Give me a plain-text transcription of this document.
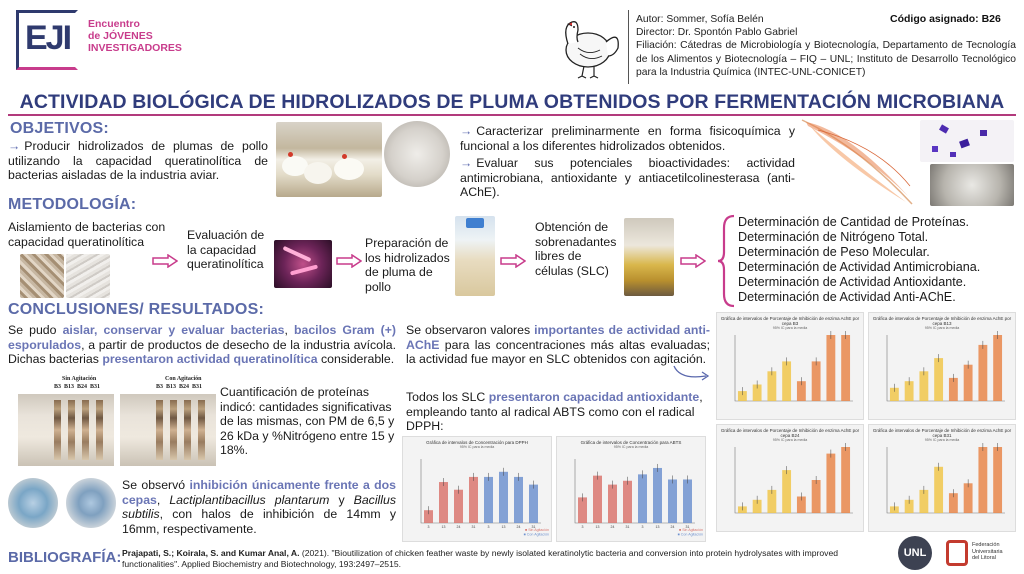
EJI Encuentro
de JÓVENES
INVESTIGADORES
Autor: Sommer, Sofía Belén
Director: Dr. Spontón Pablo Gabriel
Filiación: Cátedras de Microbiología y Biotecnología, Departamento de Tecnología de los Alimentos y Biotecnología – FIQ – UNL; Instituto de Desarrollo Tecnológico para la Industria Química (INTEC-UNL-CONICET)
Código asignado: B26
ACTIVIDAD BIOLÓGICA DE HIDROLIZADOS DE PLUMA OBTENIDOS POR FERMENTACIÓN MICROBIANA
OBJETIVOS:
→ Producir hidrolizados de plumas de pollo utilizando la capacidad queratinolítica de bacterias aisladas de la industria aviar.
→ Caracterizar preliminarmente en forma fisicoquímica y funcional a los diferentes hidrolizados obtenidos.
→ Evaluar sus potenciales bioactividades: actividad antimicrobiana, antioxidante y antiacetilcolinesterasa (anti-AChE).
METODOLOGÍA:
Aislamiento de bacterias con capacidad queratinolítica	Evaluación de la capacidad queratinolítica
Preparación de los hidrolizados de pluma de pollo
Obtención de sobrenadantes libres de células (SLC)
Determinación de Cantidad de Proteínas.
Determinación de Nitrógeno Total.
Determinación de Peso Molecular.
Determinación de Actividad Antimicrobiana.
Determinación de Actividad Antioxidante.
Determinación de Actividad Anti-AChE.
CONCLUSIONES/ RESULTADOS:
Se pudo aislar, conservar y evaluar bacterias, bacilos Gram (+) esporulados, a partir de productos de desecho de la industria avícola. Dichas bacterias presentaron actividad queratinolítica considerable.
Sin Agitación
B3  B13  B24  B31
Con Agitación
B3  B13  B24  B31 Cuantificación de proteínas indicó: cantidades significativas de las mismas, con PM de 6,5 y 26 kDa y %Nitrógeno entre 15 y 18%.
Se observó inhibición únicamente frente a dos cepas, Lactiplantibacillus plantarum y Bacillus subtilis, con halos de inhibición de 14mm y 16mm, respectivamente.
Se observaron valores importantes de actividad anti-AChE para las concentraciones más altas evaluadas; la actividad fue mayor en SLC obtenidos con agitación.
Todos los SLC presentaron capacidad antioxidante, empleando tanto al radical ABTS como con el radical DPPH:
Gráfica de intervalos de Concentración para DPPH
95% IC para la media
3	13	24	31	3	13	24	31
■ Sin Agitación
■ Con Agitación
Gráfica de intervalos de Concentración para ABTS
95% IC para la media
3	13	24	31	3	13	24	31
■ Sin Agitación
■ Con Agitación
Gráfica de intervalos de Porcentaje de Inhibición de enzima AchE por cepa B3
95% IC para la media
Gráfica de intervalos de Porcentaje de Inhibición de enzima AchE por cepa B13
95% IC para la media
Gráfica de intervalos de Porcentaje de Inhibición de enzima AchE por cepa B24
95% IC para la media
Gráfica de intervalos de Porcentaje de Inhibición de enzima AchE por cepa B31
95% IC para la media
BIBLIOGRAFÍA: Prajapati, S.; Koirala, S. and Kumar Anal, A. (2021). "Bioutilization of chicken feather waste by newly isolated keratinolytic bacteria and conversion into protein hydrolysates with improved functionalities". Applied Biochemistry and Biotechnology, 193:2497–2515.
UNL
Federación
Universitaria
del Litoral
